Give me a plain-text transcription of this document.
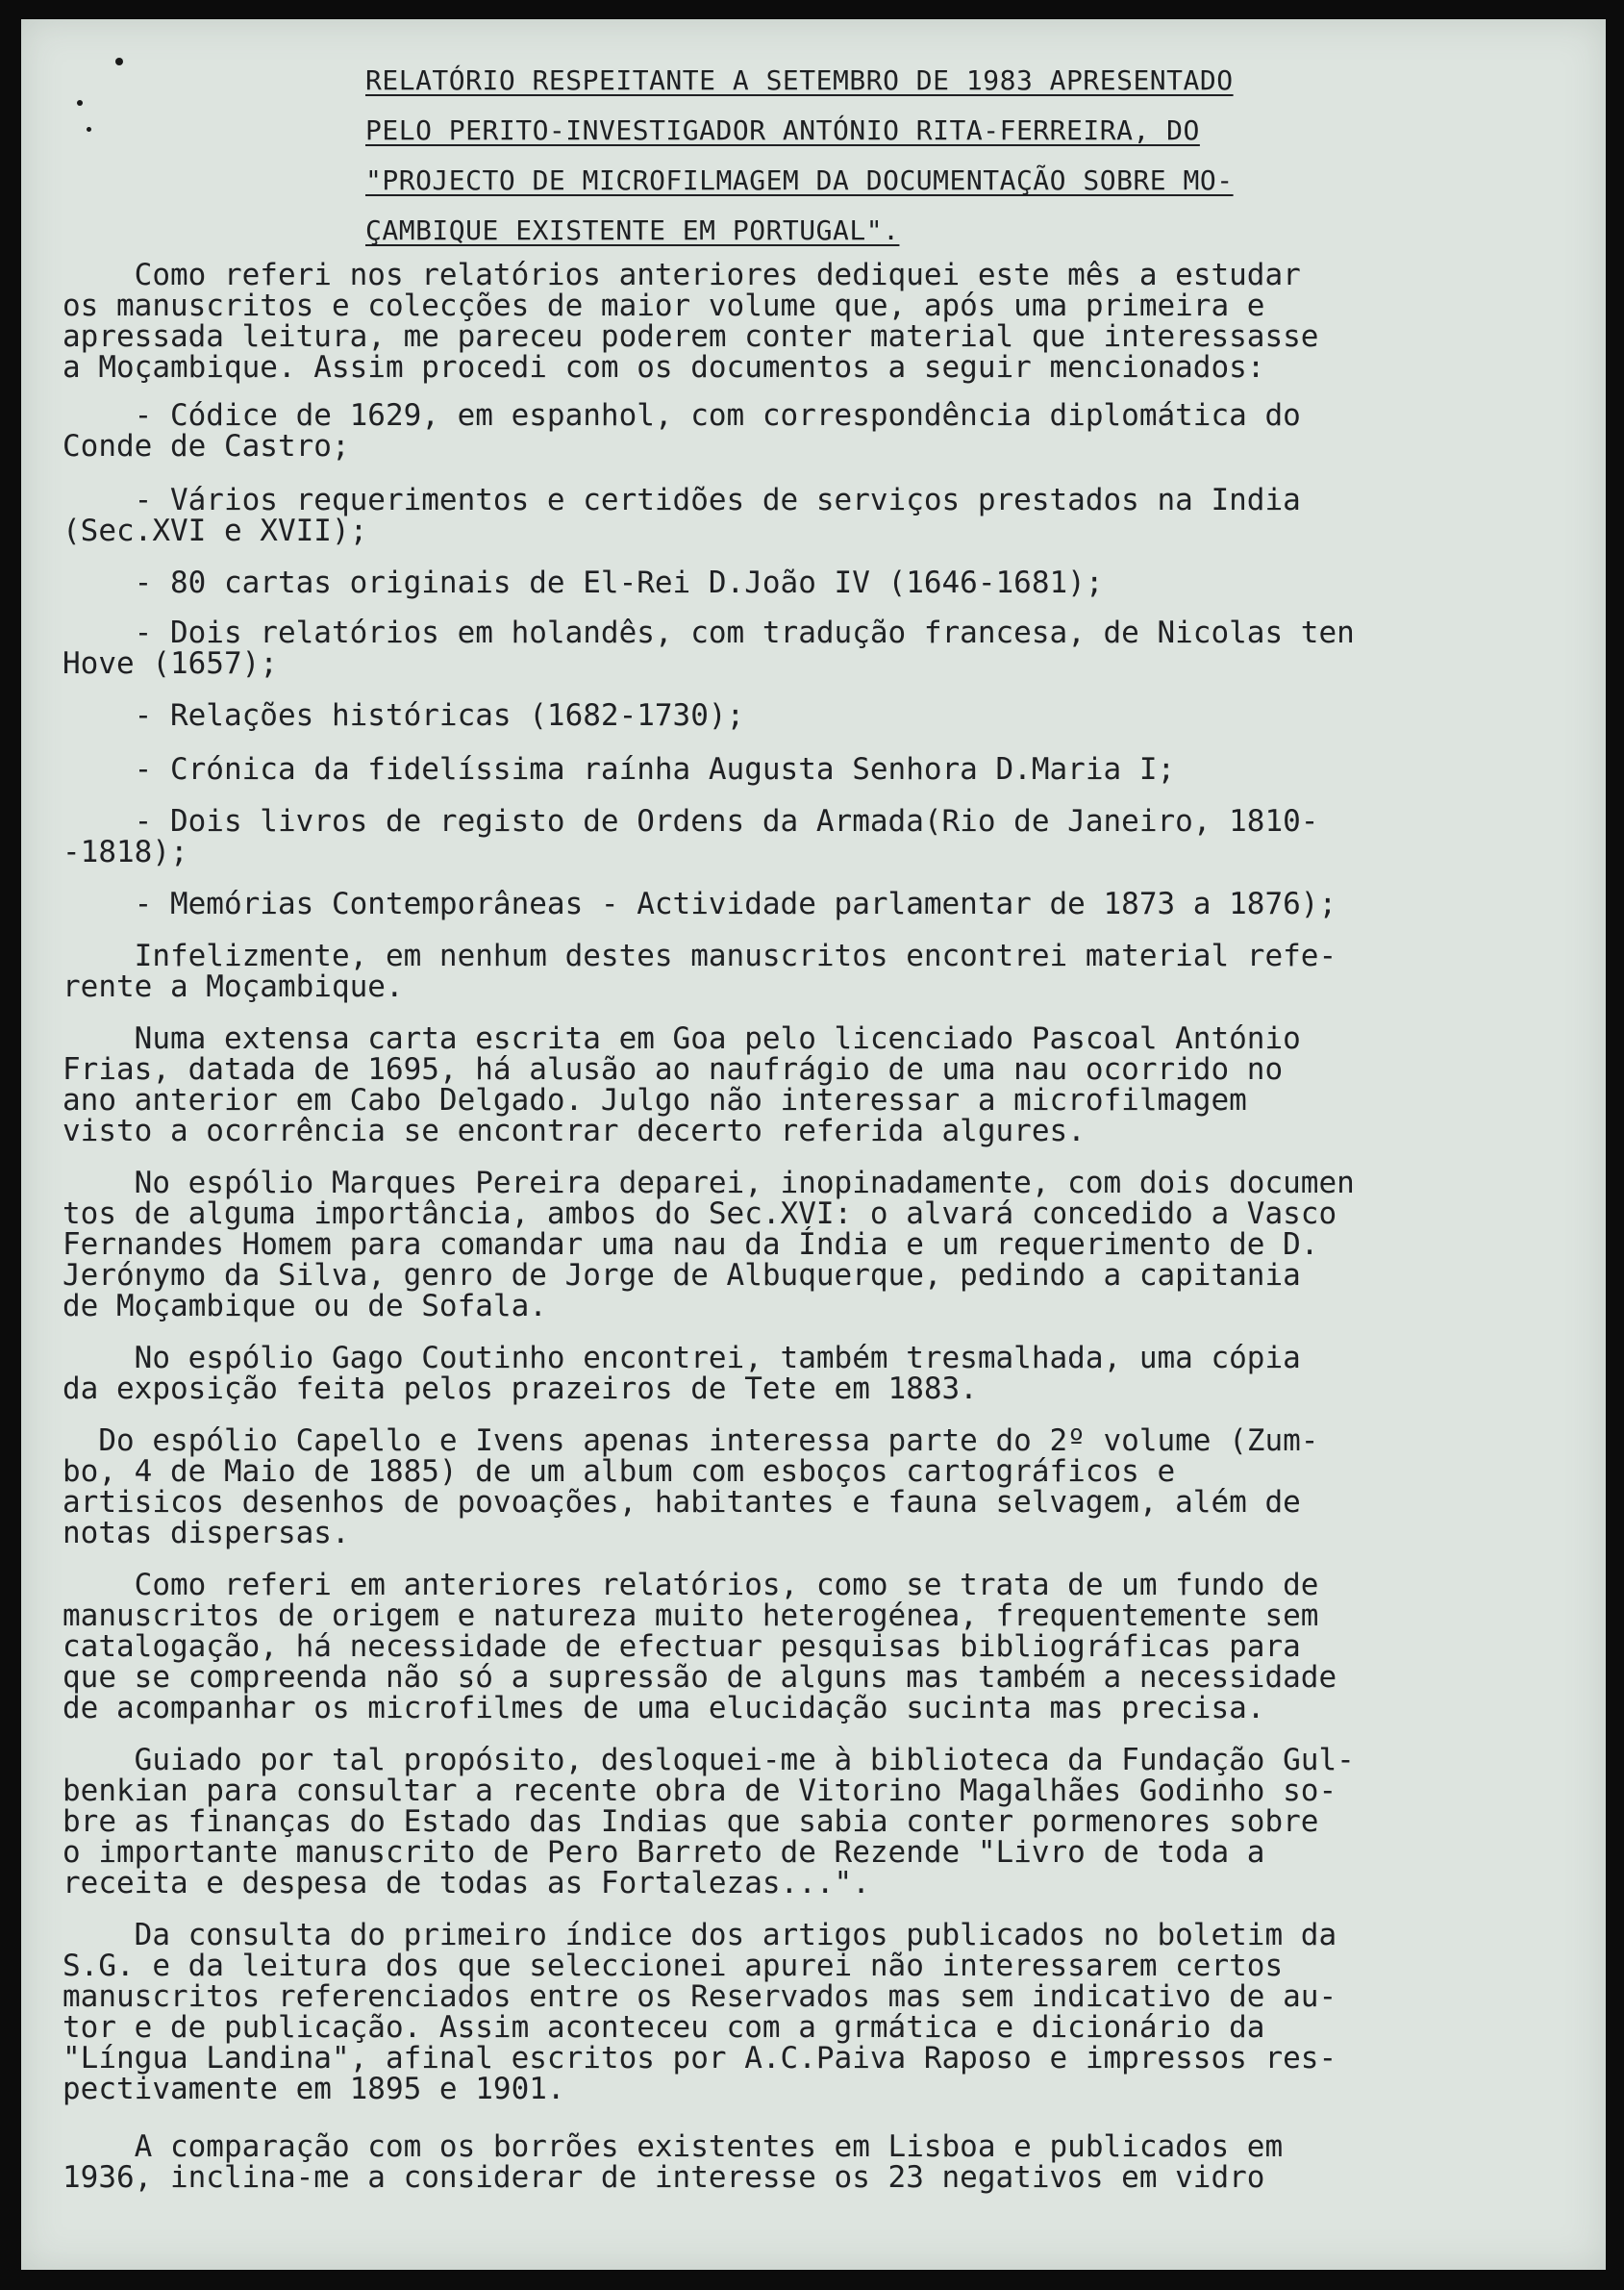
RELATÓRIO RESPEITANTE A SETEMBRO DE 1983 APRESENTADO
PELO PERITO-INVESTIGADOR ANTÓNIO RITA-FERREIRA, DO
"PROJECTO DE MICROFILMAGEM DA DOCUMENTAÇÃO SOBRE MO-
ÇAMBIQUE EXISTENTE EM PORTUGAL".
Como referi nos relatórios anteriores dediquei este mês a estudar
os manuscritos e colecções de maior volume que, após uma primeira e
apressada leitura, me pareceu poderem conter material que interessasse
a Moçambique. Assim procedi com os documentos a seguir mencionados:
- Códice de 1629, em espanhol, com correspondência diplomática do
Conde de Castro;
- Vários requerimentos e certidões de serviços prestados na India
(Sec.XVI e XVII);
- 80 cartas originais de El-Rei D.João IV (1646-1681);
- Dois relatórios em holandês, com tradução francesa, de Nicolas ten
Hove (1657);
- Relações históricas (1682-1730);
- Crónica da fidelíssima raínha Augusta Senhora D.Maria I;
- Dois livros de registo de Ordens da Armada(Rio de Janeiro, 1810-
-1818);
- Memórias Contemporâneas - Actividade parlamentar de 1873 a 1876);
Infelizmente, em nenhum destes manuscritos encontrei material refe-
rente a Moçambique.
Numa extensa carta escrita em Goa pelo licenciado Pascoal António
Frias, datada de 1695, há alusão ao naufrágio de uma nau ocorrido no
ano anterior em Cabo Delgado. Julgo não interessar a microfilmagem
visto a ocorrência se encontrar decerto referida algures.
No espólio Marques Pereira deparei, inopinadamente, com dois documen
tos de alguma importância, ambos do Sec.XVI: o alvará concedido a Vasco
Fernandes Homem para comandar uma nau da Índia e um requerimento de D.
Jerónymo da Silva, genro de Jorge de Albuquerque, pedindo a capitania
de Moçambique ou de Sofala.
No espólio Gago Coutinho encontrei, também tresmalhada, uma cópia
da exposição feita pelos prazeiros de Tete em 1883.
Do espólio Capello e Ivens apenas interessa parte do 2º volume (Zum-
bo, 4 de Maio de 1885) de um album com esboços cartográficos e
artisicos desenhos de povoações, habitantes e fauna selvagem, além de
notas dispersas.
Como referi em anteriores relatórios, como se trata de um fundo de
manuscritos de origem e natureza muito heterogénea, frequentemente sem
catalogação, há necessidade de efectuar pesquisas bibliográficas para
que se compreenda não só a supressão de alguns mas também a necessidade
de acompanhar os microfilmes de uma elucidação sucinta mas precisa.
Guiado por tal propósito, desloquei-me à biblioteca da Fundação Gul-
benkian para consultar a recente obra de Vitorino Magalhães Godinho so-
bre as finanças do Estado das Indias que sabia conter pormenores sobre
o importante manuscrito de Pero Barreto de Rezende "Livro de toda a
receita e despesa de todas as Fortalezas...".
Da consulta do primeiro índice dos artigos publicados no boletim da
S.G. e da leitura dos que seleccionei apurei não interessarem certos
manuscritos referenciados entre os Reservados mas sem indicativo de au-
tor e de publicação. Assim aconteceu com a grmática e dicionário da
"Língua Landina", afinal escritos por A.C.Paiva Raposo e impressos res-
pectivamente em 1895 e 1901.
A comparação com os borrões existentes em Lisboa e publicados em
1936, inclina-me a considerar de interesse os 23 negativos em vidro
